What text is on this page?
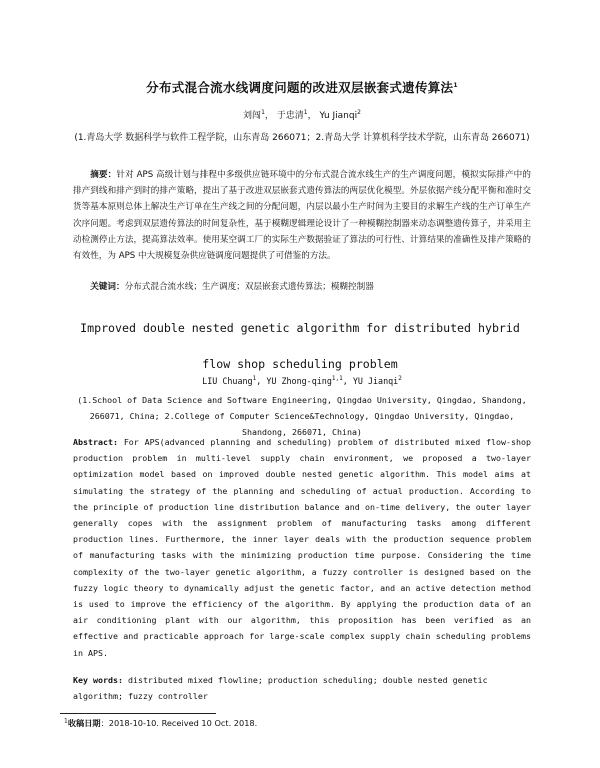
分布式混合流水线调度问题的改进双层嵌套式遗传算法$^1$
刘闯$^1$， 于忠清$^1$， Yu Jianqi$^2$
(1.青岛大学 数据科学与软件工程学院，山东青岛 266071；2.青岛大学 计算机科学技术学院，山东青岛 266071)
摘要：针对 APS 高级计划与排程中多级供应链环境中的分布式混合流水线生产的生产调度问题，模拟实际排产中的排产到线和排产到时的排产策略，提出了基于改进双层嵌套式遗传算法的两层优化模型。外层依据产线分配平衡和准时交货等基本原则总体上解决生产订单在生产线之间的分配问题，内层以最小生产时间为主要目的求解生产线的生产订单生产次序问题。考虑到双层遗传算法的时间复杂性，基于模糊逻辑理论设计了一种模糊控制器来动态调整遗传算子，并采用主动检测停止方法，提高算法效率。使用某空调工厂的实际生产数据验证了算法的可行性、计算结果的准确性及排产策略的有效性，为 APS 中大规模复杂供应链调度问题提供了可借鉴的方法。
关键词：分布式混合流水线；生产调度；双层嵌套式遗传算法；模糊控制器
Improved double nested genetic algorithm for distributed hybrid flow shop scheduling problem
LIU Chuang$^1$, YU Zhong-qing$^{1,1}$, YU Jianqi$^2$
(1.School of Data Science and Software Engineering, Qingdao University, Qingdao, Shandong, 266071, China; 2.College of Computer Science&Technology, Qingdao University, Qingdao, Shandong, 266071, China)
Abstract: For APS(advanced planning and scheduling) problem of distributed mixed flow-shop production problem in multi-level supply chain environment, we proposed a two-layer optimization model based on improved double nested genetic algorithm. This model aims at simulating the strategy of the planning and scheduling of actual production. According to the principle of production line distribution balance and on-time delivery, the outer layer generally copes with the assignment problem of manufacturing tasks among different production lines. Furthermore, the inner layer deals with the production sequence problem of manufacturing tasks with the minimizing production time purpose. Considering the time complexity of the two-layer genetic algorithm, a fuzzy controller is designed based on the fuzzy logic theory to dynamically adjust the genetic factor, and an active detection method is used to improve the efficiency of the algorithm. By applying the production data of an air conditioning plant with our algorithm, this proposition has been verified as an effective and practicable approach for large-scale complex supply chain scheduling problems in APS.
Key words: distributed mixed flowline; production scheduling; double nested genetic algorithm; fuzzy controller
$^1$收稿日期：2018-10-10. Received 10 Oct. 2018.
